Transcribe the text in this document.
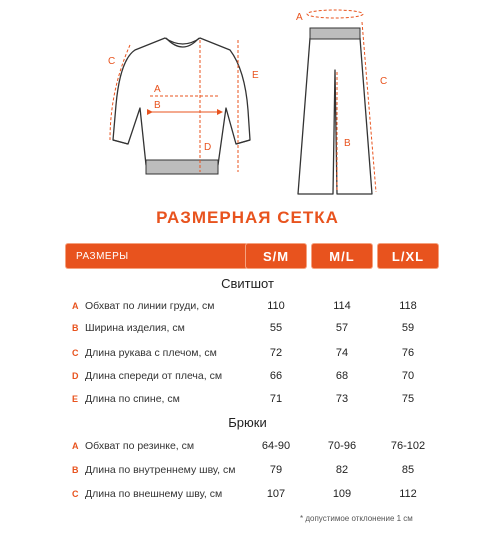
C
A
B
D
E
A
B
C
РАЗМЕРНАЯ СЕТКА
РАЗМЕРЫ	S/M	M/L	L/XL
Свитшот
A Обхват по линии груди, см	110	114	118
B Ширина изделия, см	55	57	59
C Длина рукава с плечом, см	72	74	76
D Длина спереди от плеча, см	66	68	70
E Длина по спине, см	71	73	75
Брюки
A Обхват по резинке, см	64-90	70-96	76-102
B Длина по внутреннему шву, см	79	82	85
C Длина по внешнему шву, см	107	109	112
* допустимое отклонение 1 см
